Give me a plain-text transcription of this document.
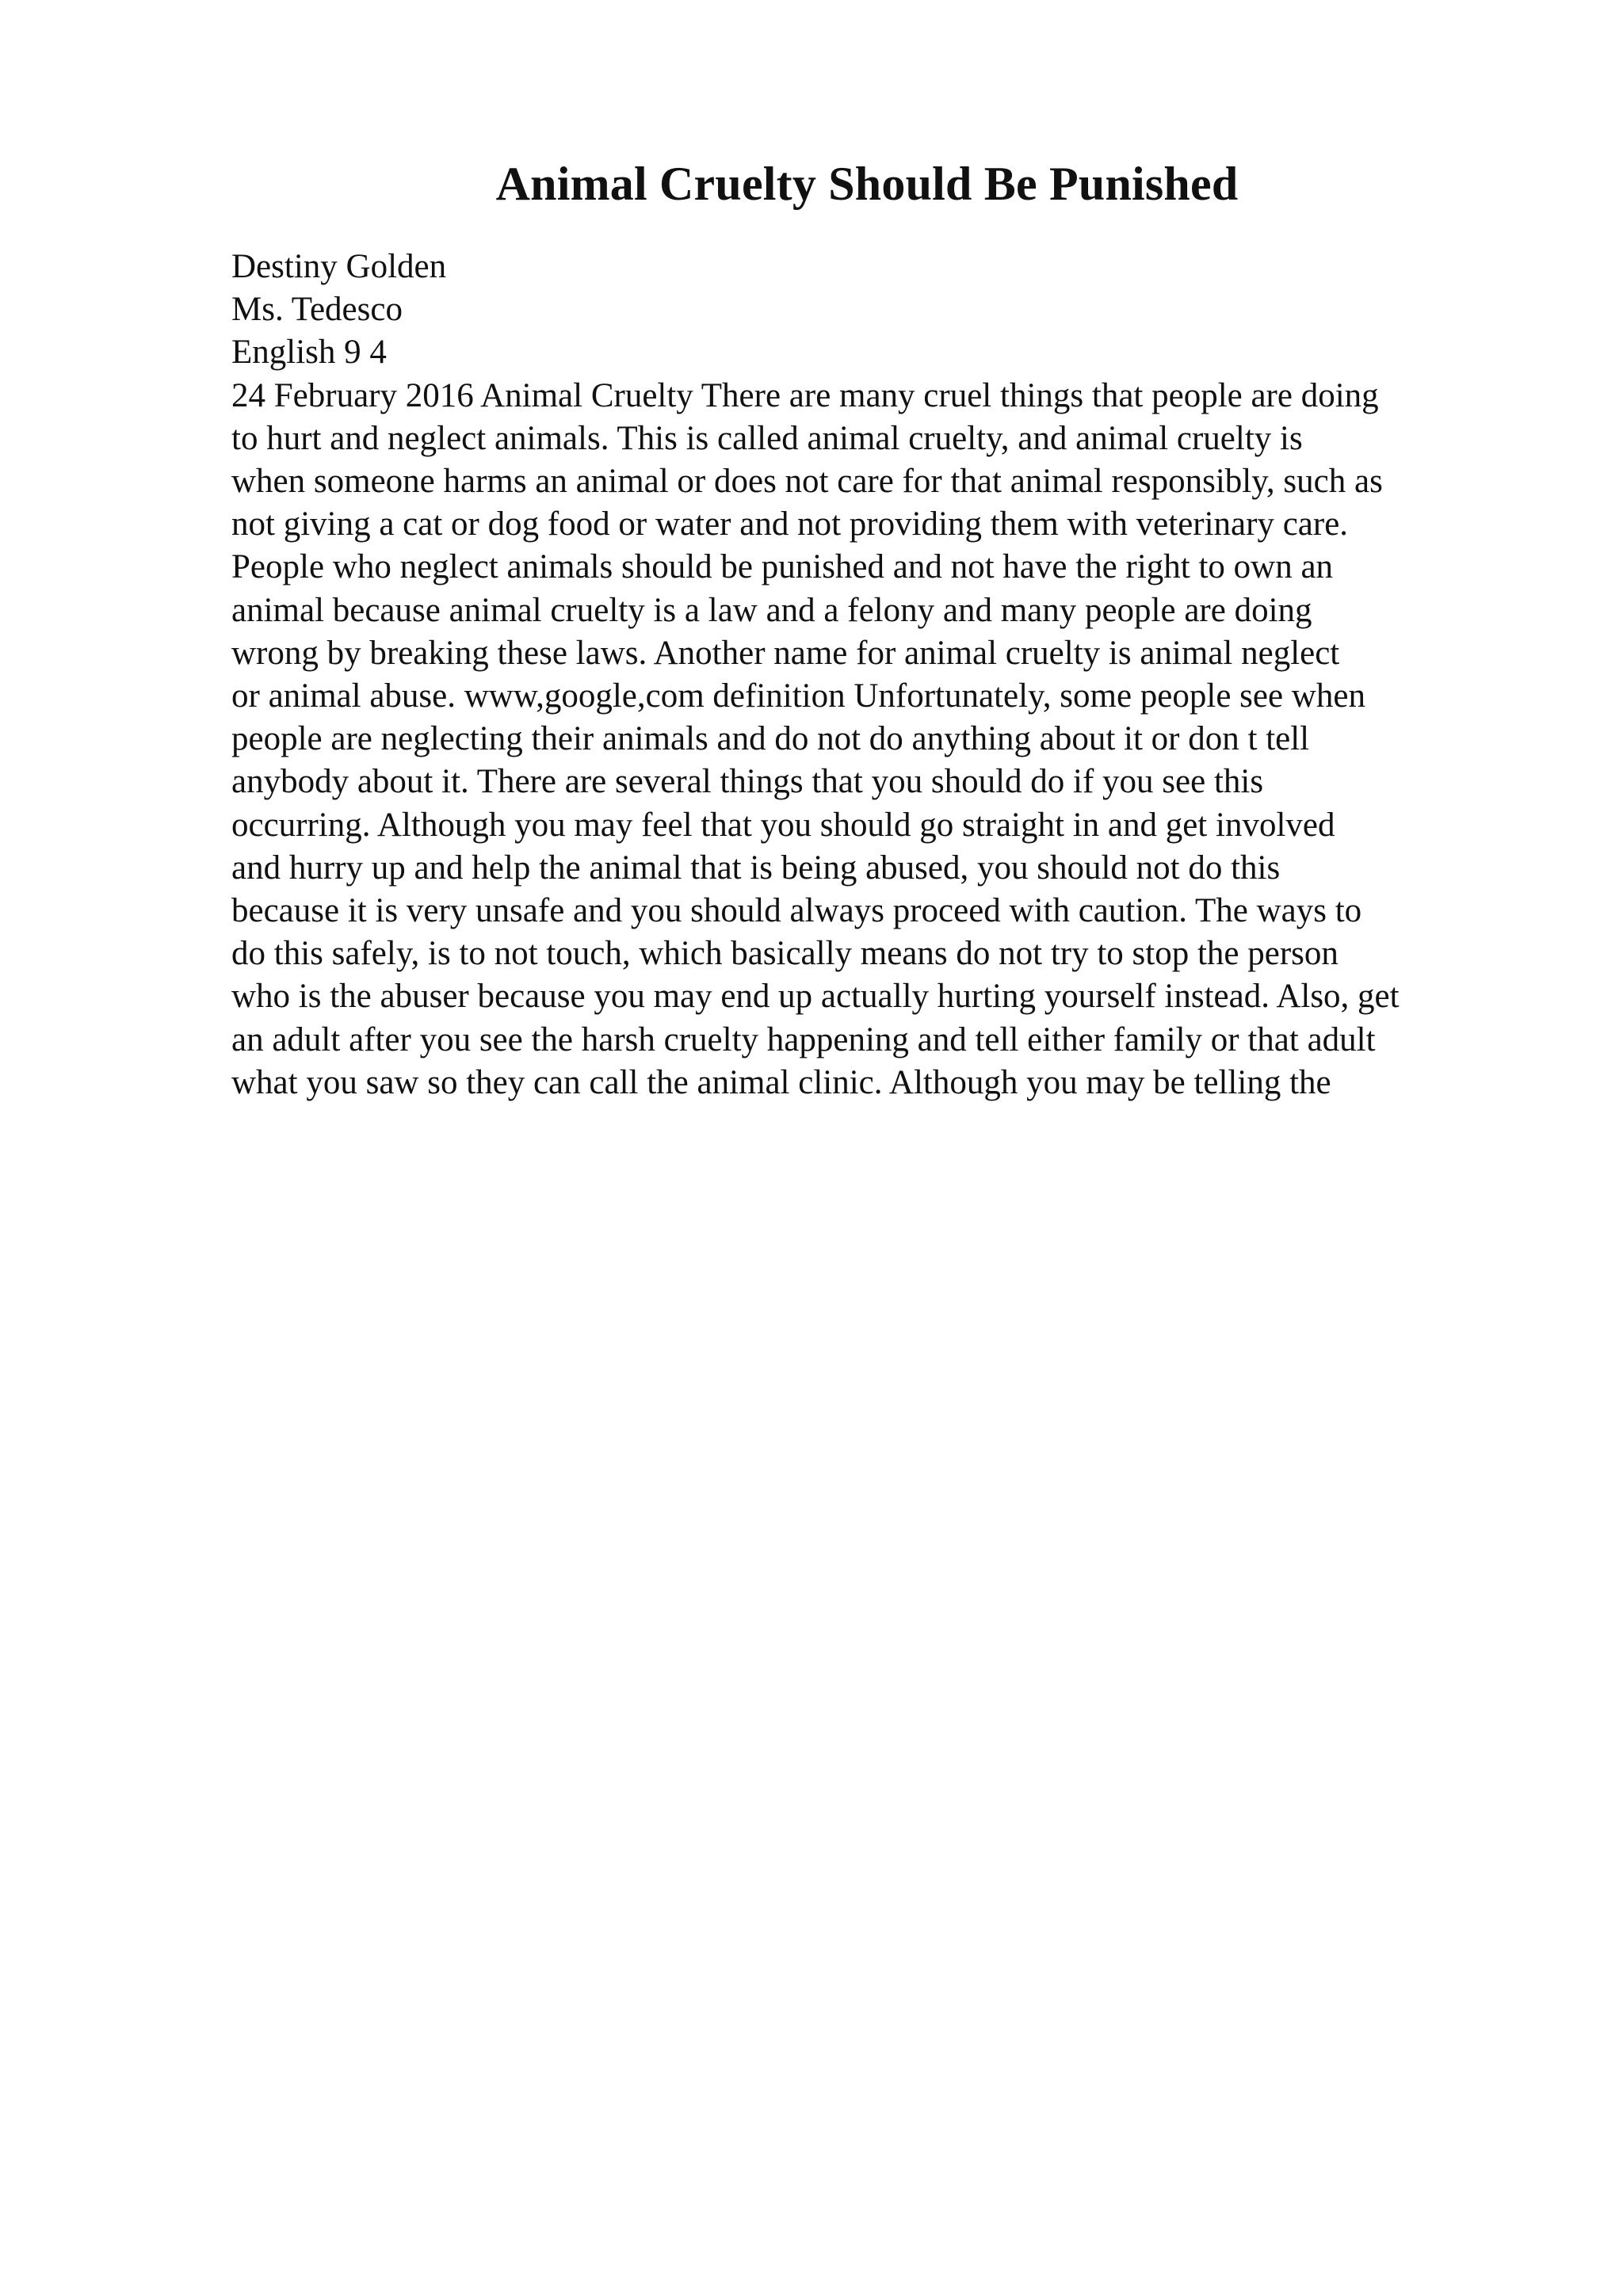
Animal Cruelty Should Be Punished
Destiny Golden
Ms. Tedesco
English 9 4
24 February 2016 Animal Cruelty There are many cruel things that people are doing
to hurt and neglect animals. This is called animal cruelty, and animal cruelty is
when someone harms an animal or does not care for that animal responsibly, such as
not giving a cat or dog food or water and not providing them with veterinary care.
People who neglect animals should be punished and not have the right to own an
animal because animal cruelty is a law and a felony and many people are doing
wrong by breaking these laws. Another name for animal cruelty is animal neglect
or animal abuse. www,google,com definition Unfortunately, some people see when
people are neglecting their animals and do not do anything about it or don t tell
anybody about it. There are several things that you should do if you see this
occurring. Although you may feel that you should go straight in and get involved
and hurry up and help the animal that is being abused, you should not do this
because it is very unsafe and you should always proceed with caution. The ways to
do this safely, is to not touch, which basically means do not try to stop the person
who is the abuser because you may end up actually hurting yourself instead. Also, get
an adult after you see the harsh cruelty happening and tell either family or that adult
what you saw so they can call the animal clinic. Although you may be telling the
